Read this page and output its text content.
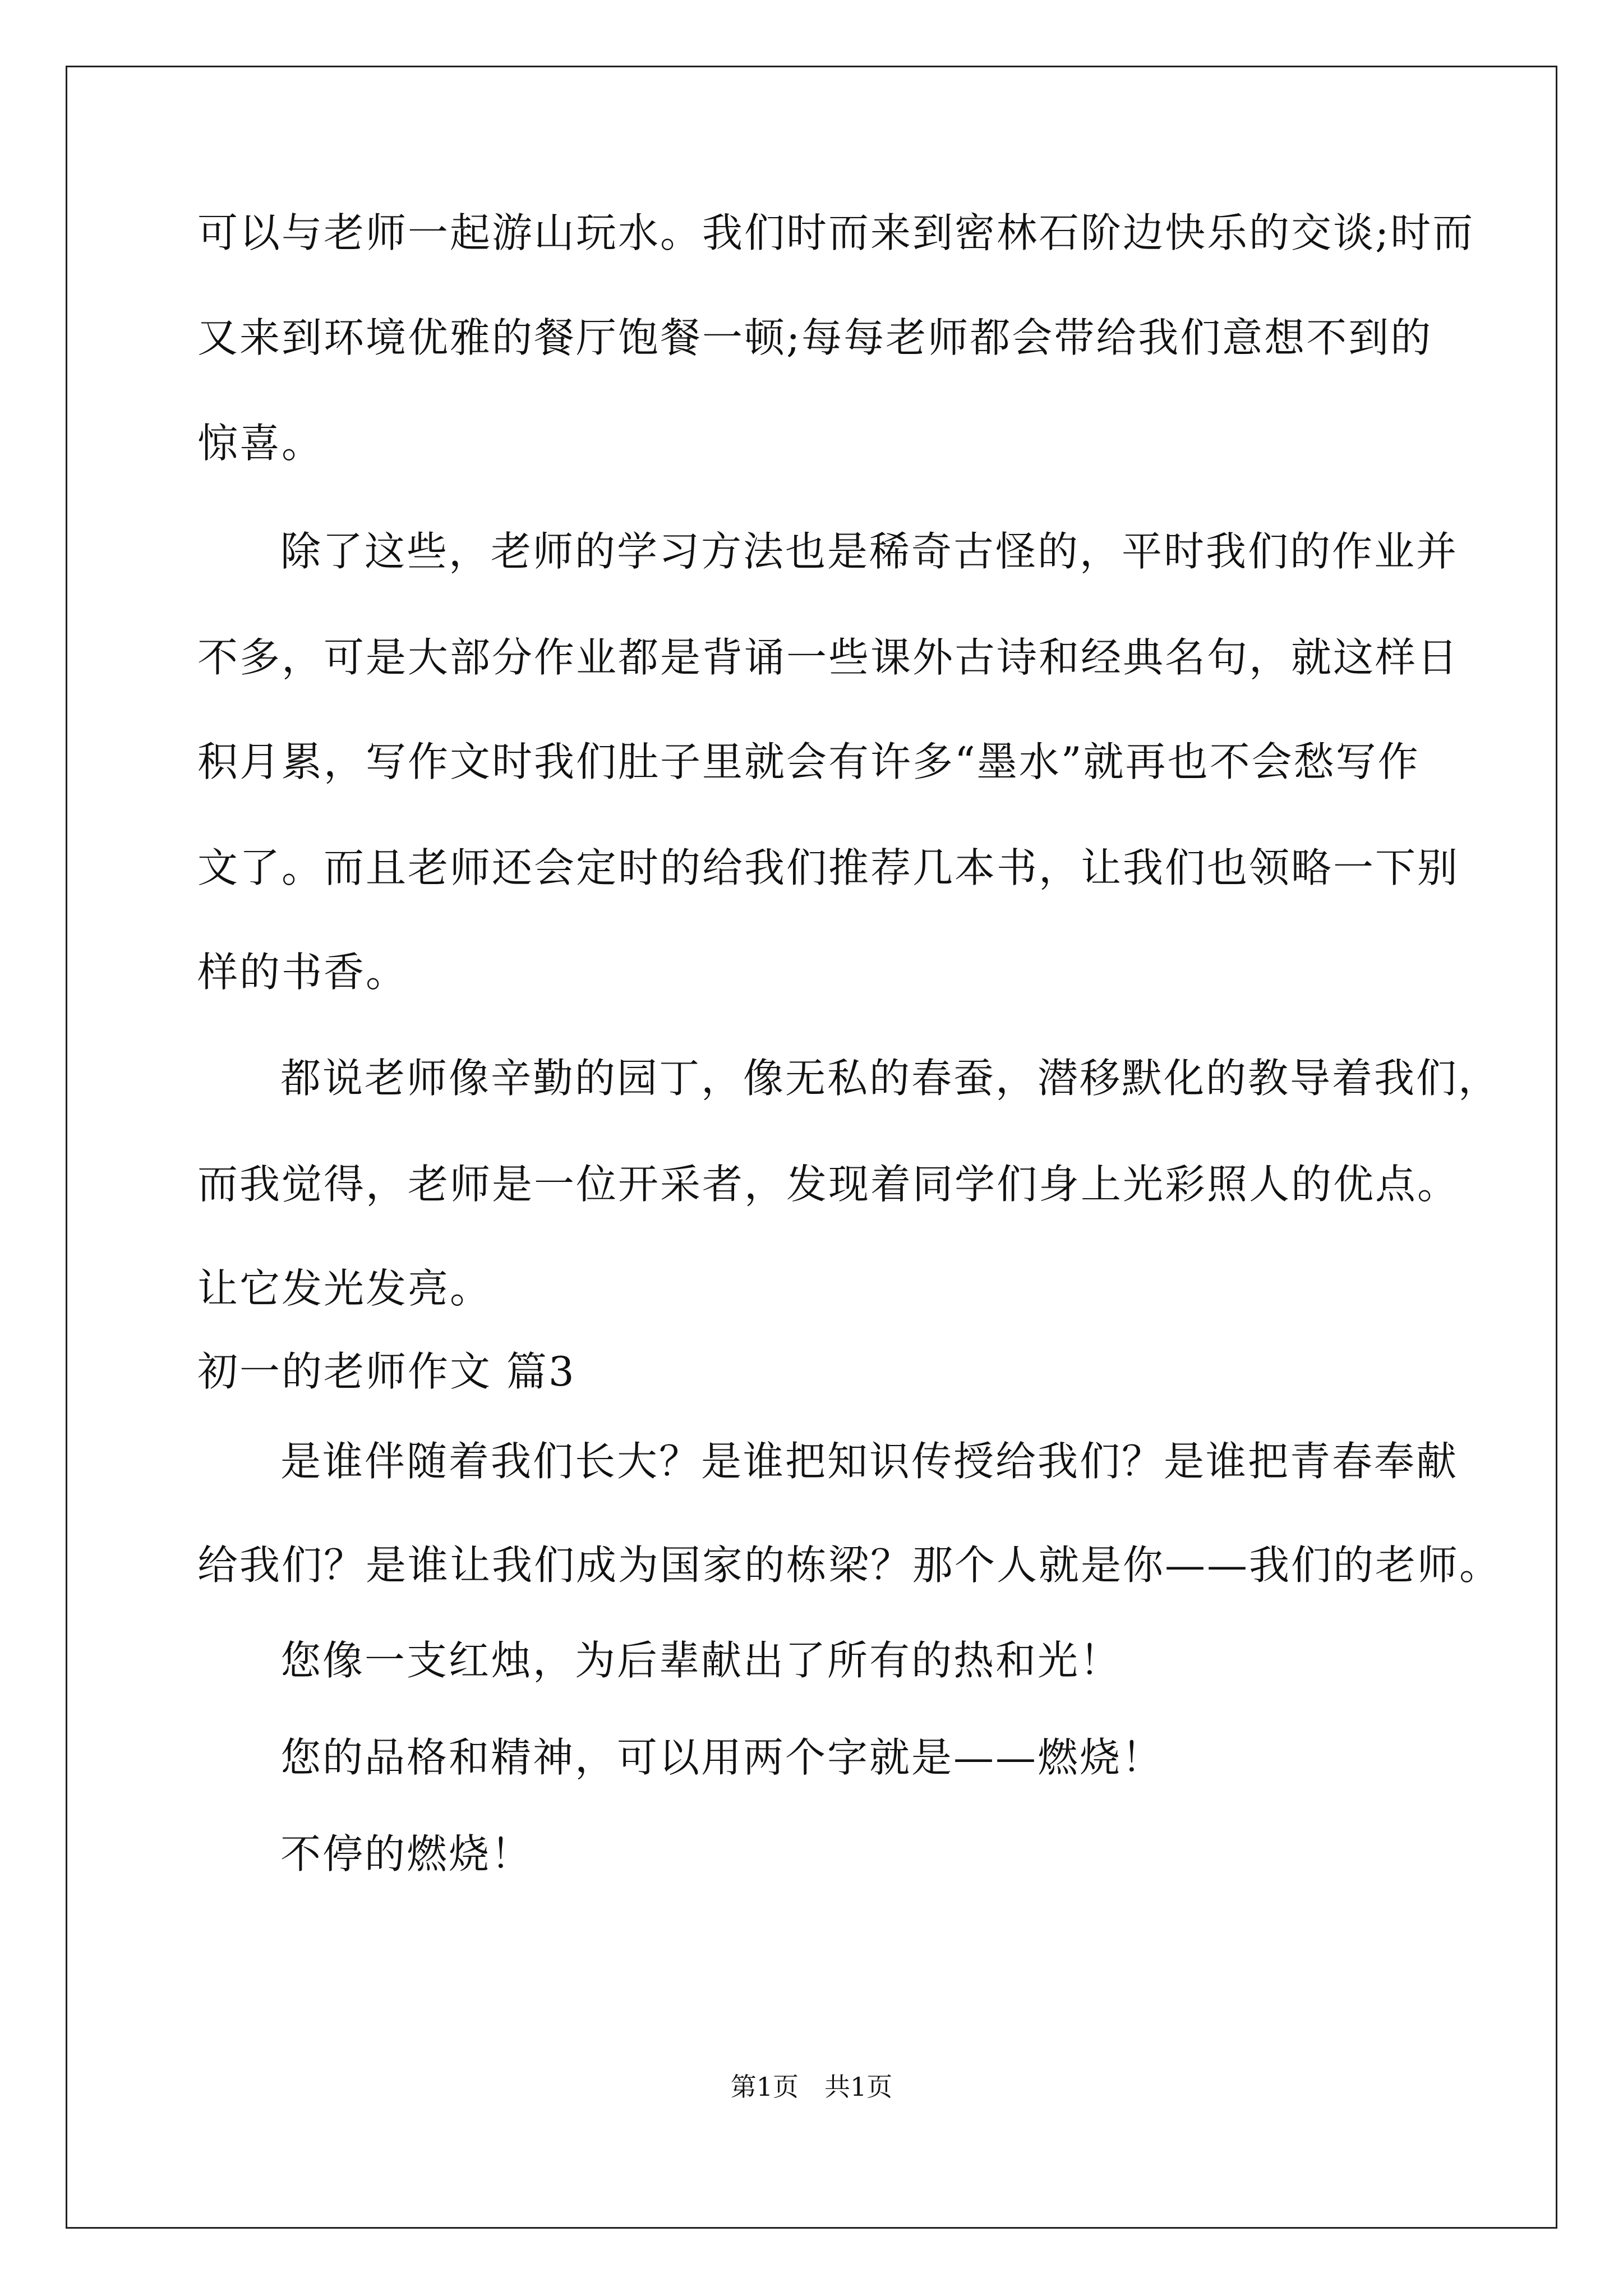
可以与老师一起游山玩水。我们时而来到密林石阶边快乐的交谈;时而
又来到环境优雅的餐厅饱餐一顿;每每老师都会带给我们意想不到的
惊喜。
除了这些，老师的学习方法也是稀奇古怪的，平时我们的作业并
不多，可是大部分作业都是背诵一些课外古诗和经典名句，就这样日
积月累，写作文时我们肚子里就会有许多“墨水”就再也不会愁写作
文了。而且老师还会定时的给我们推荐几本书，让我们也领略一下别
样的书香。
都说老师像辛勤的园丁，像无私的春蚕，潜移默化的教导着我们，
而我觉得，老师是一位开采者，发现着同学们身上光彩照人的优点。
让它发光发亮。
初一的老师作文 篇3
是谁伴随着我们长大？是谁把知识传授给我们？是谁把青春奉献
给我们？是谁让我们成为国家的栋梁？那个人就是你——我们的老师。
您像一支红烛，为后辈献出了所有的热和光！
您的品格和精神，可以用两个字就是——燃烧！
不停的燃烧！
第1页　共1页
